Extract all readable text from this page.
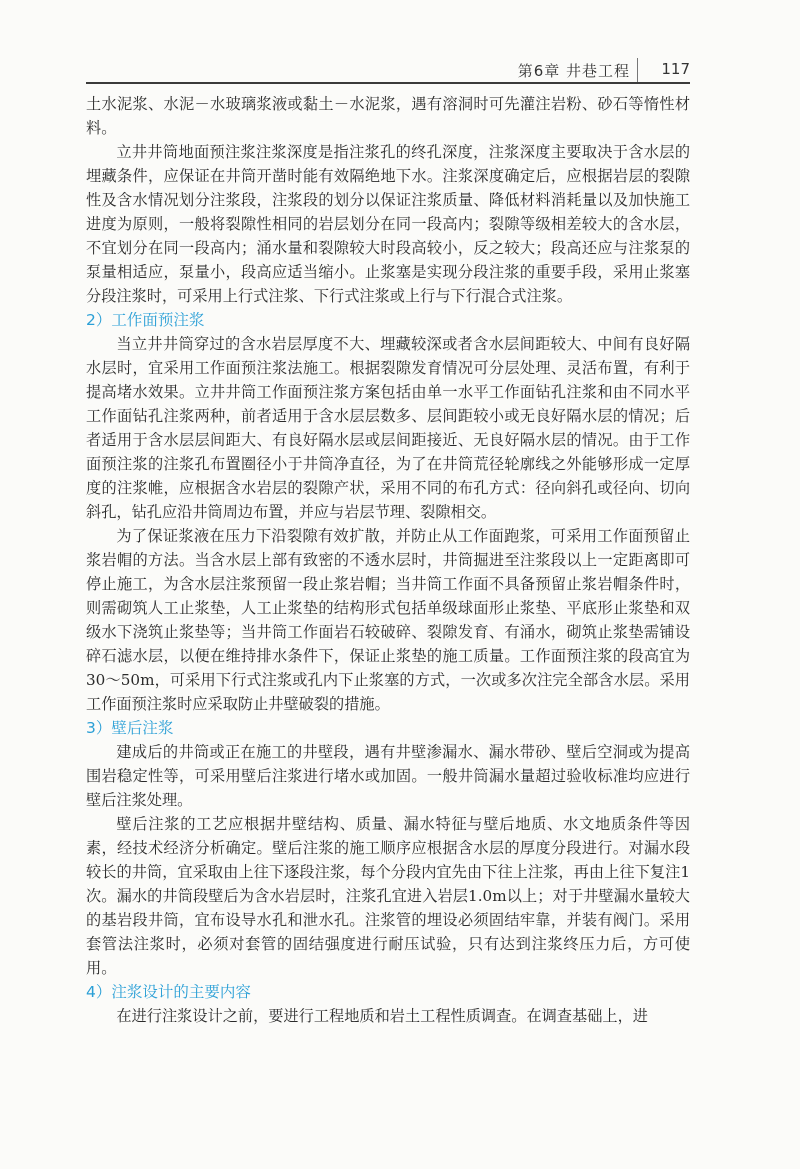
第6章 井巷工程 117

土水泥浆、水泥－水玻璃浆液或黏土－水泥浆，遇有溶洞时可先灌注岩粉、砂石等惰性材料。

立井井筒地面预注浆注浆深度是指注浆孔的终孔深度，注浆深度主要取决于含水层的埋藏条件，应保证在井筒开凿时能有效隔绝地下水。注浆深度确定后，应根据岩层的裂隙性及含水情况划分注浆段，注浆段的划分以保证注浆质量、降低材料消耗量以及加快施工进度为原则，一般将裂隙性相同的岩层划分在同一段高内；裂隙等级相差较大的含水层，不宜划分在同一段高内；涌水量和裂隙较大时段高较小，反之较大；段高还应与注浆泵的泵量相适应，泵量小，段高应适当缩小。止浆塞是实现分段注浆的重要手段，采用止浆塞分段注浆时，可采用上行式注浆、下行式注浆或上行与下行混合式注浆。

2）工作面预注浆

当立井井筒穿过的含水岩层厚度不大、埋藏较深或者含水层间距较大、中间有良好隔水层时，宜采用工作面预注浆法施工。根据裂隙发育情况可分层处理、灵活布置，有利于提高堵水效果。立井井筒工作面预注浆方案包括由单一水平工作面钻孔注浆和由不同水平工作面钻孔注浆两种，前者适用于含水层层数多、层间距较小或无良好隔水层的情况；后者适用于含水层层间距大、有良好隔水层或层间距接近、无良好隔水层的情况。由于工作面预注浆的注浆孔布置圈径小于井筒净直径，为了在井筒荒径轮廓线之外能够形成一定厚度的注浆帷，应根据含水岩层的裂隙产状，采用不同的布孔方式：径向斜孔或径向、切向斜孔，钻孔应沿井筒周边布置，并应与岩层节理、裂隙相交。

为了保证浆液在压力下沿裂隙有效扩散，并防止从工作面跑浆，可采用工作面预留止浆岩帽的方法。当含水层上部有致密的不透水层时，井筒掘进至注浆段以上一定距离即可停止施工，为含水层注浆预留一段止浆岩帽；当井筒工作面不具备预留止浆岩帽条件时，则需砌筑人工止浆垫，人工止浆垫的结构形式包括单级球面形止浆垫、平底形止浆垫和双级水下浇筑止浆垫等；当井筒工作面岩石较破碎、裂隙发育、有涌水，砌筑止浆垫需铺设碎石滤水层，以便在维持排水条件下，保证止浆垫的施工质量。工作面预注浆的段高宜为30～50m，可采用下行式注浆或孔内下止浆塞的方式，一次或多次注完全部含水层。采用工作面预注浆时应采取防止井壁破裂的措施。

3）壁后注浆

建成后的井筒或正在施工的井壁段，遇有井壁渗漏水、漏水带砂、壁后空洞或为提高围岩稳定性等，可采用壁后注浆进行堵水或加固。一般井筒漏水量超过验收标准均应进行壁后注浆处理。

壁后注浆的工艺应根据井壁结构、质量、漏水特征与壁后地质、水文地质条件等因素，经技术经济分析确定。壁后注浆的施工顺序应根据含水层的厚度分段进行。对漏水段较长的井筒，宜采取由上往下逐段注浆，每个分段内宜先由下往上注浆，再由上往下复注1次。漏水的井筒段壁后为含水岩层时，注浆孔宜进入岩层1.0m以上；对于井壁漏水量较大的基岩段井筒，宜布设导水孔和泄水孔。注浆管的埋设必须固结牢靠，并装有阀门。采用套管法注浆时，必须对套管的固结强度进行耐压试验，只有达到注浆终压力后，方可使用。

4）注浆设计的主要内容

在进行注浆设计之前，要进行工程地质和岩土工程性质调查。在调查基础上，进
